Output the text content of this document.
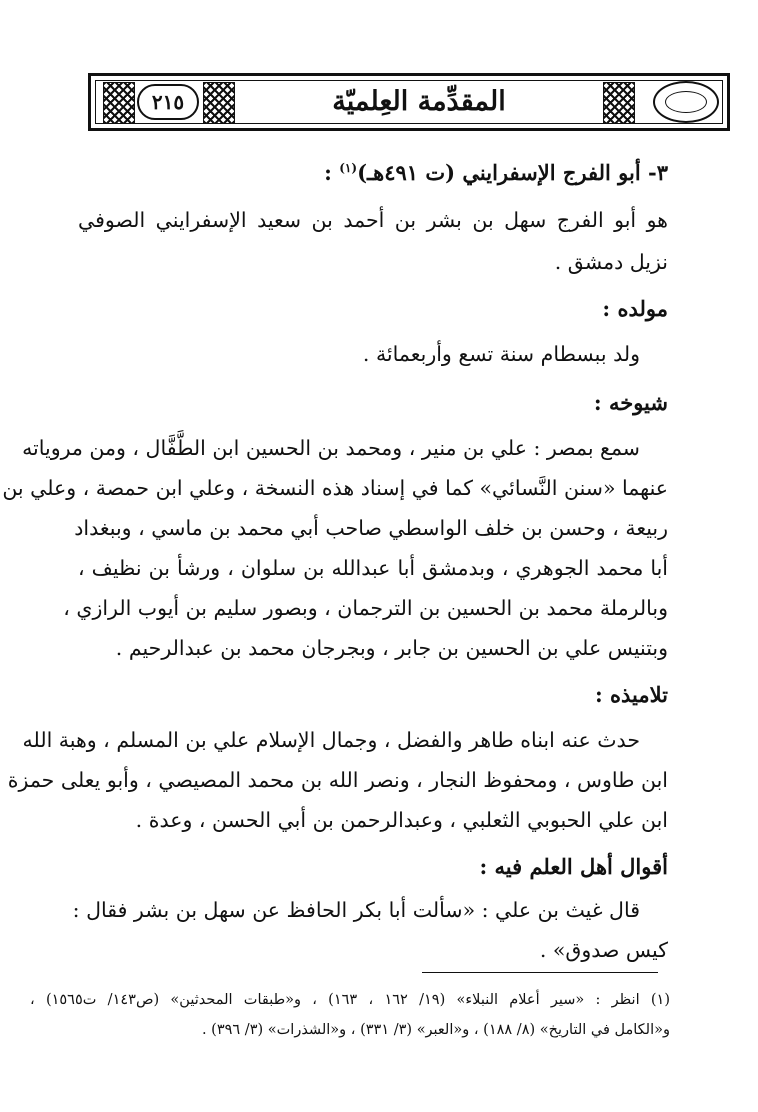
٢١٥	المقدِّمة العِلميّة
٣- أبو الفرج الإسفرايني (ت ٤٩١هـ)$^{(١)}$ :
هو أبو الفرج سهل بن بشر بن أحمد بن سعيد الإسفرايني الصوفي
نزيل دمشق .
مولده :
ولد ببسطام سنة تسع وأربعمائة .
شيوخه :
سمع بمصر : علي بن منير ، ومحمد بن الحسين ابن الطَّفَّال ، ومن مروياته
عنهما «سنن النَّسائي» كما في إسناد هذه النسخة ، وعلي ابن حمصة ، وعلي بن
ربيعة ، وحسن بن خلف الواسطي صاحب أبي محمد بن ماسي ، وببغداد
أبا محمد الجوهري ، وبدمشق أبا عبدالله بن سلوان ، ورشأ بن نظيف ،
وبالرملة محمد بن الحسين بن الترجمان ، وبصور سليم بن أيوب الرازي ،
وبتنيس علي بن الحسين بن جابر ، وبجرجان محمد بن عبدالرحيم .
تلاميذه :
حدث عنه ابناه طاهر والفضل ، وجمال الإسلام علي بن المسلم ، وهبة الله
ابن طاوس ، ومحفوظ النجار ، ونصر الله بن محمد المصيصي ، وأبو يعلى حمزة
ابن علي الحبوبي الثعلبي ، وعبدالرحمن بن أبي الحسن ، وعدة .
أقوال أهل العلم فيه :
قال غيث بن علي : «سألت أبا بكر الحافظ عن سهل بن بشر فقال :
كيس صدوق» .
(١) انظر : «سير أعلام النبلاء» (١٩/ ١٦٢ ، ١٦٣) ، و«طبقات المحدثين» (ص١٤٣/ ت١٥٦٥) ،
و«الكامل في التاريخ» (٨/ ١٨٨) ، و«العبر» (٣/ ٣٣١) ، و«الشذرات» (٣/ ٣٩٦) .
